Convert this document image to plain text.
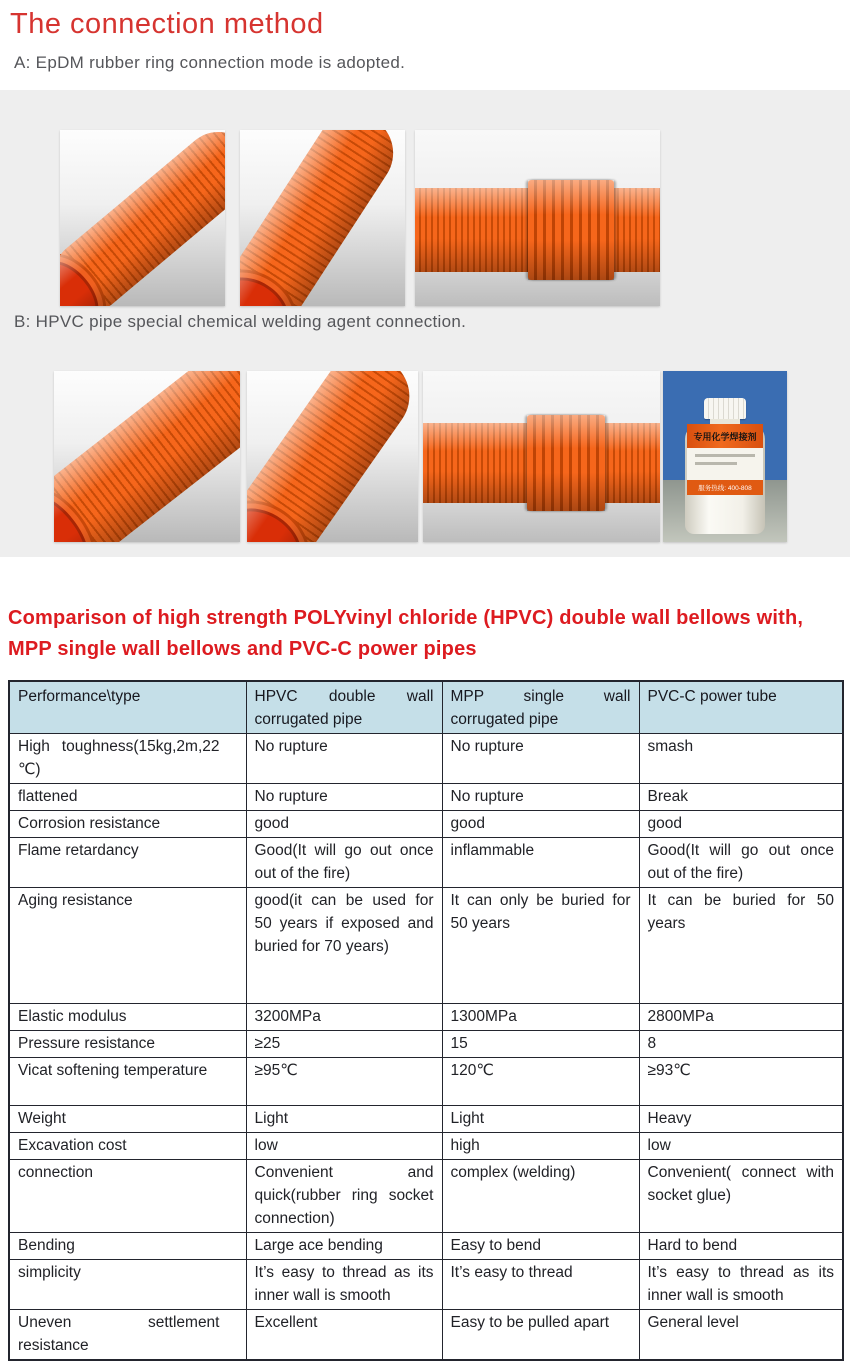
The connection method

A: EpDM rubber ring connection mode is adopted.

B: HPVC pipe special chemical welding agent connection.

专用化学焊接剂
服务热线: 400-808
Comparison of high strength POLYvinyl chloride (HPVC) double wall bellows with, MPP single wall bellows and PVC-C power pipes
Performance\type	HPVC double wall corrugated pipe	MPP single wall corrugated pipe	PVC-C power tube
High toughness(15kg,2m,22 ℃)	No rupture	No rupture	smash
flattened	No rupture	No rupture	Break
Corrosion resistance	good	good	good
Flame retardancy	Good(It will go out once out of the fire)	inflammable	Good(It will go out once out of the fire)
Aging resistance	good(it can be used for 50 years if exposed and buried for 70 years)	It can only be buried for 50 years	It can be buried for 50 years
Elastic modulus	3200MPa	1300MPa	2800MPa
Pressure resistance	≥25	15	8
Vicat softening temperature	≥95℃	120℃	≥93℃
Weight	Light	Light	Heavy
Excavation cost	low	high	low
connection	Convenient and quick(rubber ring socket connection)	complex (welding)	Convenient( connect with socket glue)
Bending	Large ace bending	Easy to bend	Hard to bend
simplicity	It’s easy to thread as its inner wall is smooth	It’s easy to thread	It’s easy to thread as its inner wall is smooth
Uneven settlement resistance	Excellent	Easy to be pulled apart	General level
